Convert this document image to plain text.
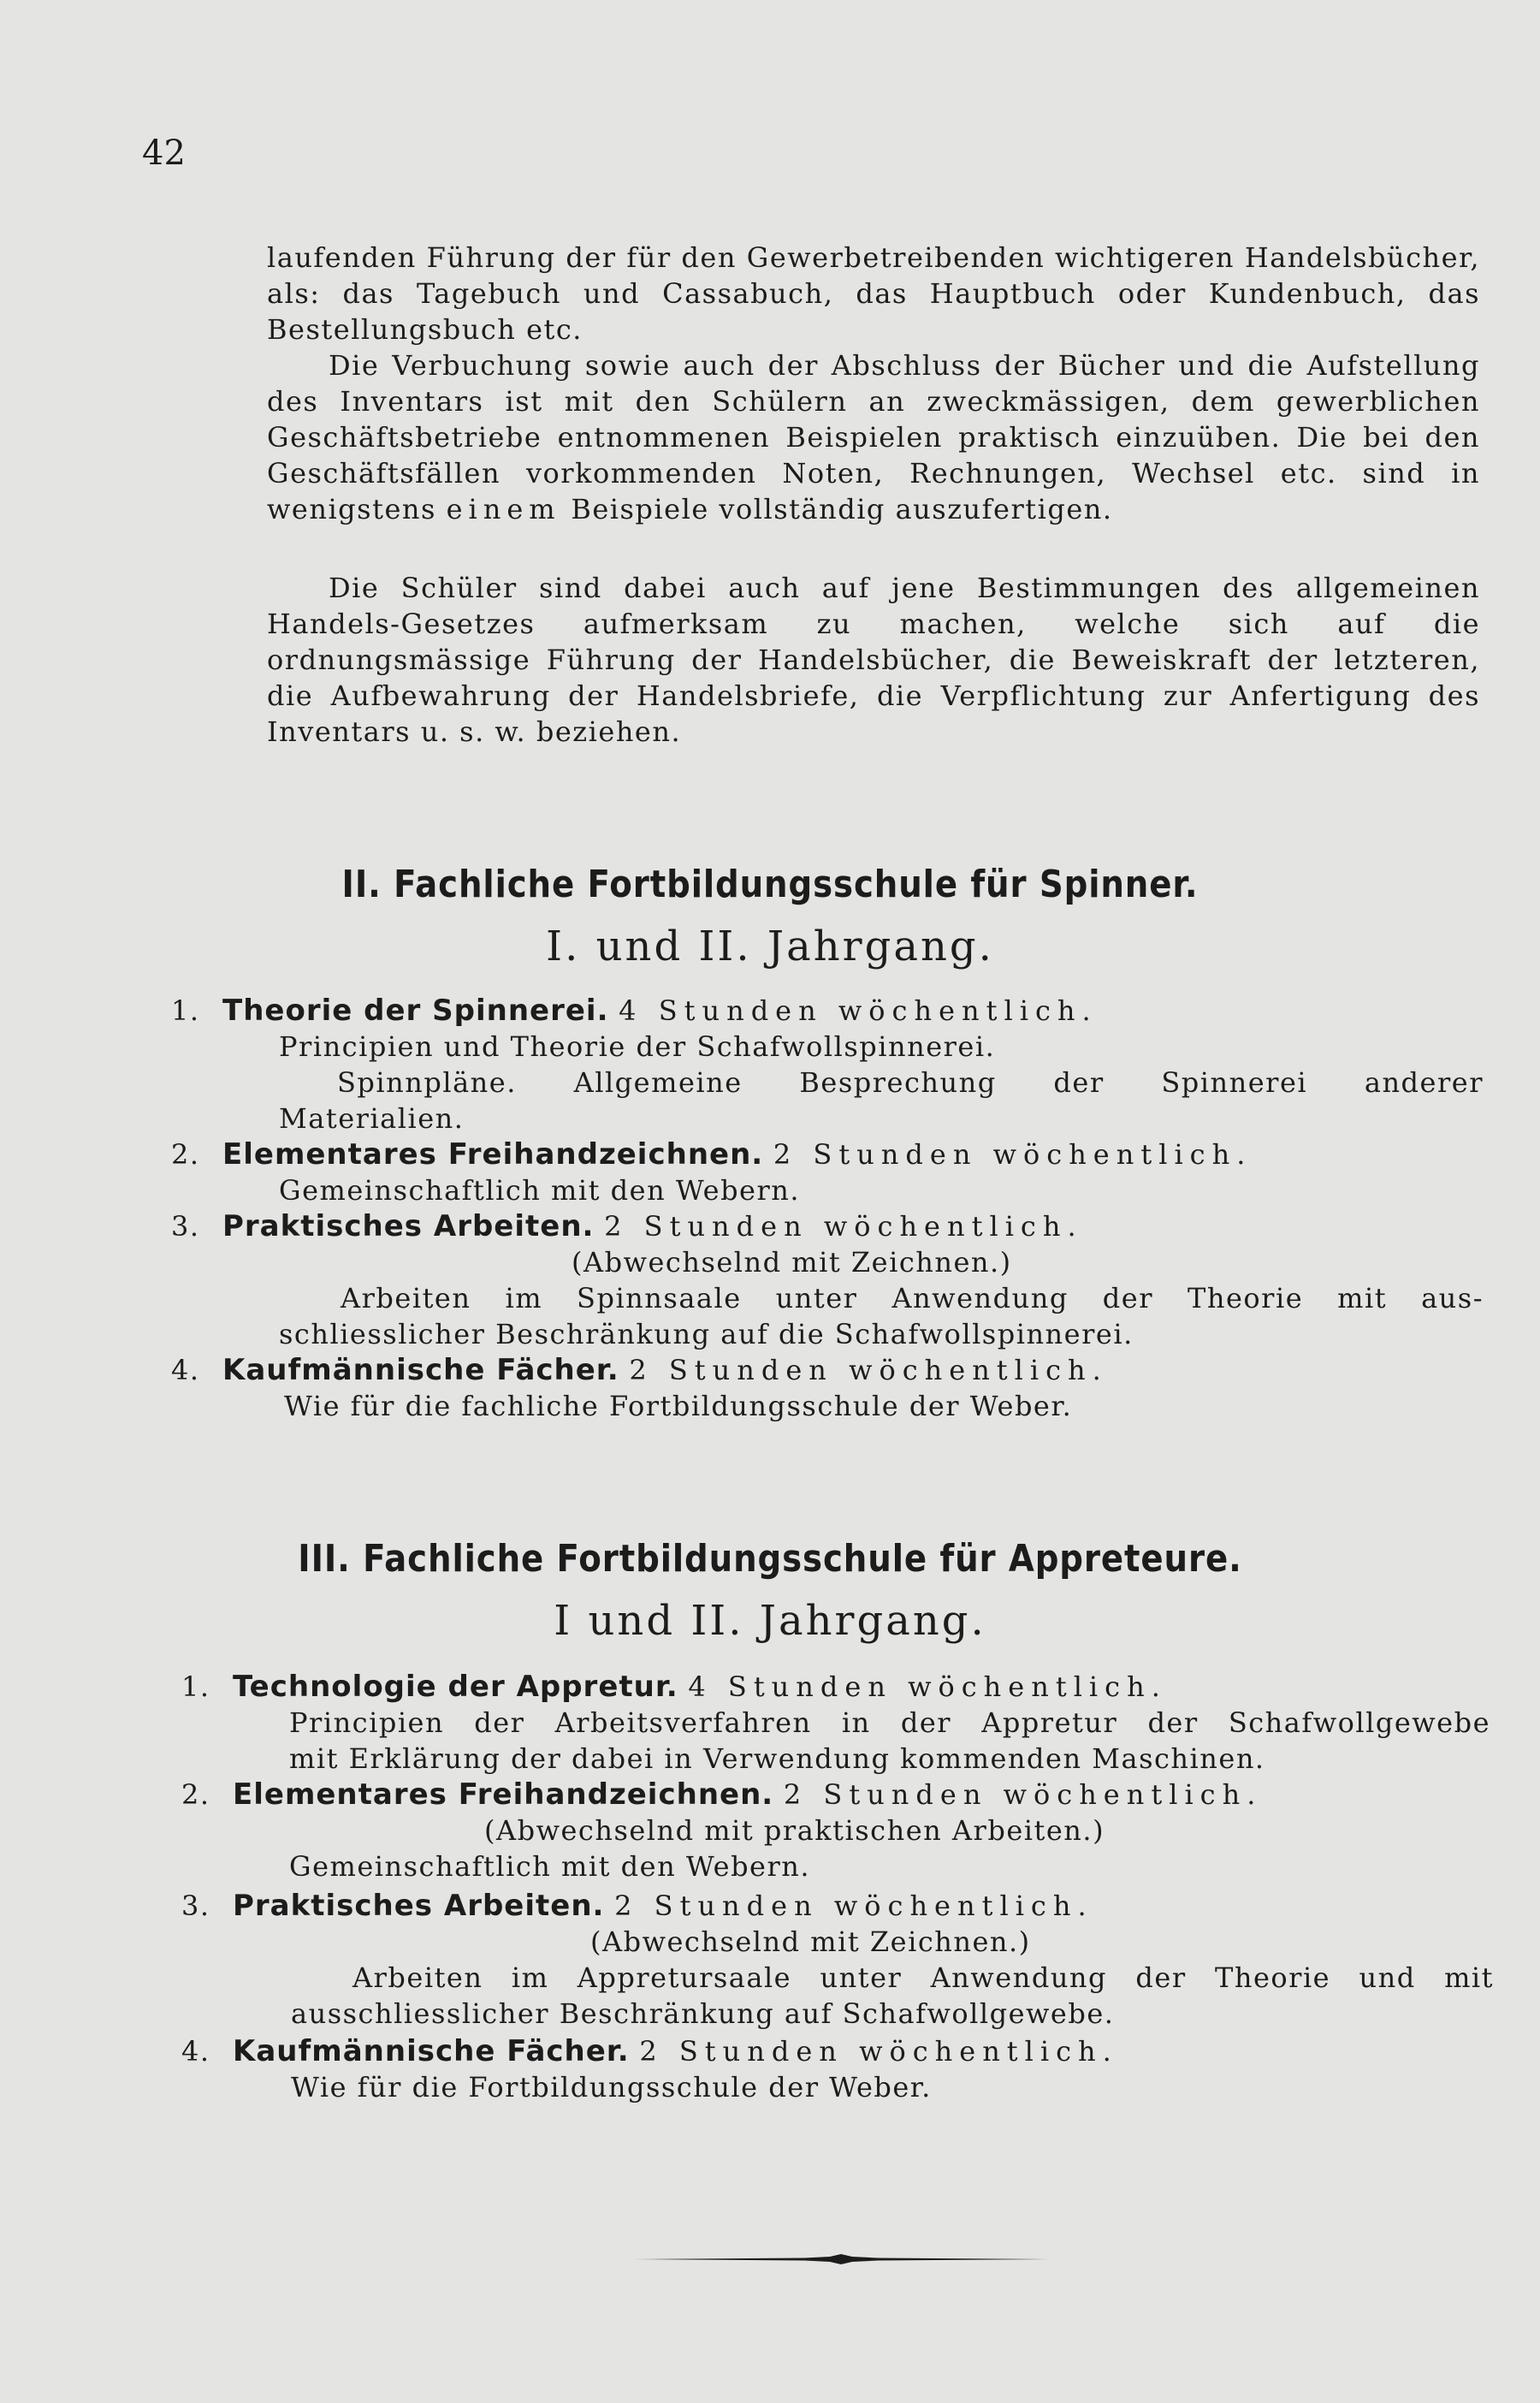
42

laufenden Führung der für den Gewerbetreibenden wichtigeren Handelsbücher, als: das Tagebuch und Cassabuch, das Hauptbuch oder Kundenbuch, das Bestellungsbuch etc.

Die Verbuchung sowie auch der Abschluss der Bücher und die Aufstellung des Inventars ist mit den Schülern an zweckmässigen, dem gewerblichen Geschäftsbetriebe entnommenen Beispielen praktisch einzuüben. Die bei den Geschäftsfällen vorkommenden Noten, Rechnungen, Wechsel etc. sind in wenigstens einem Beispiele vollständig auszufertigen.

Die Schüler sind dabei auch auf jene Bestimmungen des allgemeinen Handels-Gesetzes aufmerksam zu machen, welche sich auf die ordnungsmässige Führung der Handelsbücher, die Beweiskraft der letzteren, die Aufbewahrung der Handelsbriefe, die Verpflichtung zur Anfertigung des Inventars u. s. w. beziehen.

II. Fachliche Fortbildungsschule für Spinner.
I. und II. Jahrgang.

1. Theorie der Spinnerei. 4 Stunden wöchentlich.

Principien und Theorie der Schafwollspinnerei.

Spinnpläne. Allgemeine Besprechung der Spinnerei anderer

Materialien.

2. Elementares Freihandzeichnen. 2 Stunden wöchentlich.

Gemeinschaftlich mit den Webern.

3. Praktisches Arbeiten. 2 Stunden wöchentlich.

(Abwechselnd mit Zeichnen.)

Arbeiten im Spinnsaale unter Anwendung der Theorie mit aus-

schliesslicher Beschränkung auf die Schafwollspinnerei.

4. Kaufmännische Fächer. 2 Stunden wöchentlich.

Wie für die fachliche Fortbildungsschule der Weber.

III. Fachliche Fortbildungsschule für Appreteure.
I und II. Jahrgang.

1. Technologie der Appretur. 4 Stunden wöchentlich.

Principien der Arbeitsverfahren in der Appretur der Schafwollgewebe

mit Erklärung der dabei in Verwendung kommenden Maschinen.

2. Elementares Freihandzeichnen. 2 Stunden wöchentlich.

(Abwechselnd mit praktischen Arbeiten.)

Gemeinschaftlich mit den Webern.

3. Praktisches Arbeiten. 2 Stunden wöchentlich.

(Abwechselnd mit Zeichnen.)

Arbeiten im Appretursaale unter Anwendung der Theorie und mit

ausschliesslicher Beschränkung auf Schafwollgewebe.

4. Kaufmännische Fächer. 2 Stunden wöchentlich.

Wie für die Fortbildungsschule der Weber.
